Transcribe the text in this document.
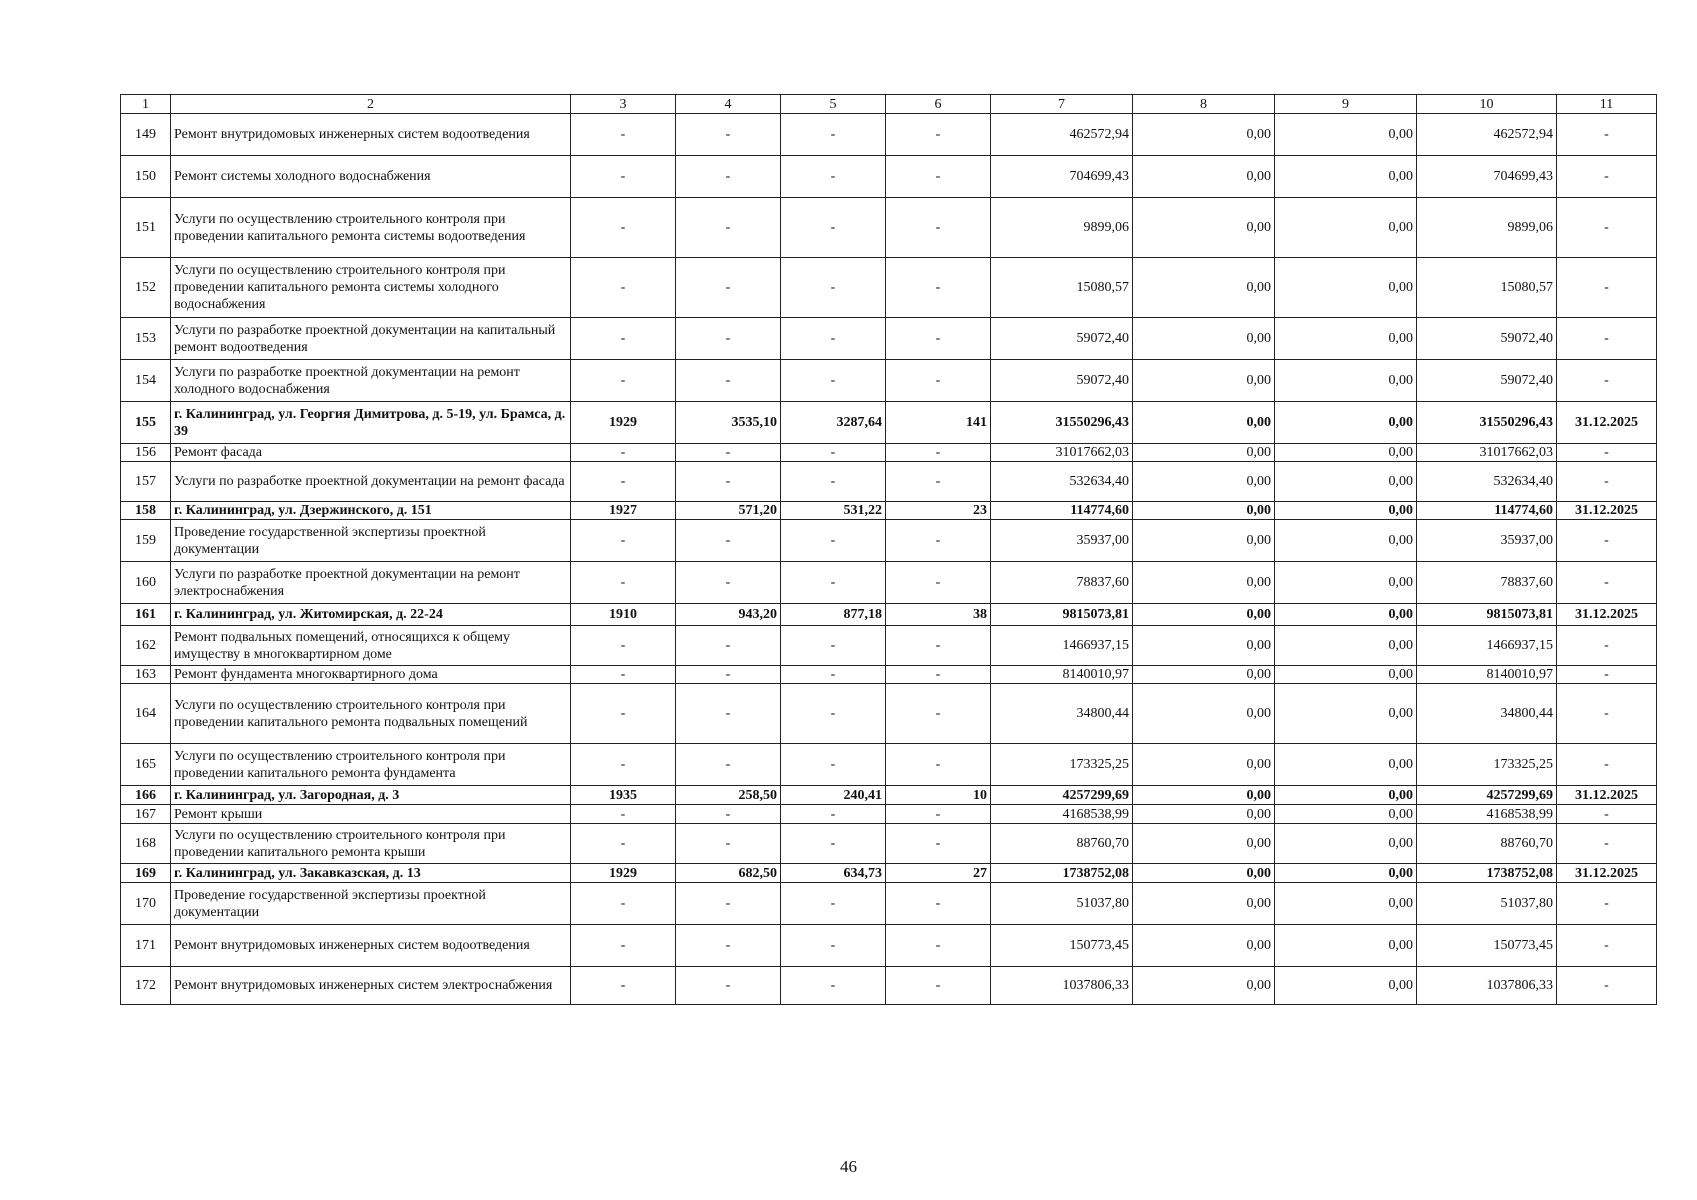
1	2	3	4	5	6	7	8	9	10	11
149	Ремонт внутридомовых инженерных систем водоотведения	-	-	-	-	462572,94	0,00	0,00	462572,94	-
150	Ремонт системы холодного водоснабжения	-	-	-	-	704699,43	0,00	0,00	704699,43	-
151	Услуги по осуществлению строительного контроля при проведении капитального ремонта системы водоотведения	-	-	-	-	9899,06	0,00	0,00	9899,06	-
152	Услуги по осуществлению строительного контроля при проведении капитального ремонта системы холодного водоснабжения	-	-	-	-	15080,57	0,00	0,00	15080,57	-
153	Услуги по разработке проектной документации на капитальный ремонт водоотведения	-	-	-	-	59072,40	0,00	0,00	59072,40	-
154	Услуги по разработке проектной документации на ремонт холодного водоснабжения	-	-	-	-	59072,40	0,00	0,00	59072,40	-
155	г. Калининград, ул. Георгия Димитрова, д. 5-19, ул. Брамса, д. 39	1929	3535,10	3287,64	141	31550296,43	0,00	0,00	31550296,43	31.12.2025
156	Ремонт фасада	-	-	-	-	31017662,03	0,00	0,00	31017662,03	-
157	Услуги по разработке проектной документации на ремонт фасада	-	-	-	-	532634,40	0,00	0,00	532634,40	-
158	г. Калининград, ул. Дзержинского, д. 151	1927	571,20	531,22	23	114774,60	0,00	0,00	114774,60	31.12.2025
159	Проведение государственной экспертизы проектной документации	-	-	-	-	35937,00	0,00	0,00	35937,00	-
160	Услуги по разработке проектной документации на ремонт электроснабжения	-	-	-	-	78837,60	0,00	0,00	78837,60	-
161	г. Калининград, ул. Житомирская, д. 22-24	1910	943,20	877,18	38	9815073,81	0,00	0,00	9815073,81	31.12.2025
162	Ремонт подвальных помещений, относящихся к общему имуществу в многоквартирном доме	-	-	-	-	1466937,15	0,00	0,00	1466937,15	-
163	Ремонт фундамента многоквартирного дома	-	-	-	-	8140010,97	0,00	0,00	8140010,97	-
164	Услуги по осуществлению строительного контроля при проведении капитального ремонта подвальных помещений	-	-	-	-	34800,44	0,00	0,00	34800,44	-
165	Услуги по осуществлению строительного контроля при проведении капитального ремонта фундамента	-	-	-	-	173325,25	0,00	0,00	173325,25	-
166	г. Калининград, ул. Загородная, д. 3	1935	258,50	240,41	10	4257299,69	0,00	0,00	4257299,69	31.12.2025
167	Ремонт крыши	-	-	-	-	4168538,99	0,00	0,00	4168538,99	-
168	Услуги по осуществлению строительного контроля при проведении капитального ремонта крыши	-	-	-	-	88760,70	0,00	0,00	88760,70	-
169	г. Калининград, ул. Закавказская, д. 13	1929	682,50	634,73	27	1738752,08	0,00	0,00	1738752,08	31.12.2025
170	Проведение государственной экспертизы проектной документации	-	-	-	-	51037,80	0,00	0,00	51037,80	-
171	Ремонт внутридомовых инженерных систем водоотведения	-	-	-	-	150773,45	0,00	0,00	150773,45	-
172	Ремонт внутридомовых инженерных систем электроснабжения	-	-	-	-	1037806,33	0,00	0,00	1037806,33	-
46
